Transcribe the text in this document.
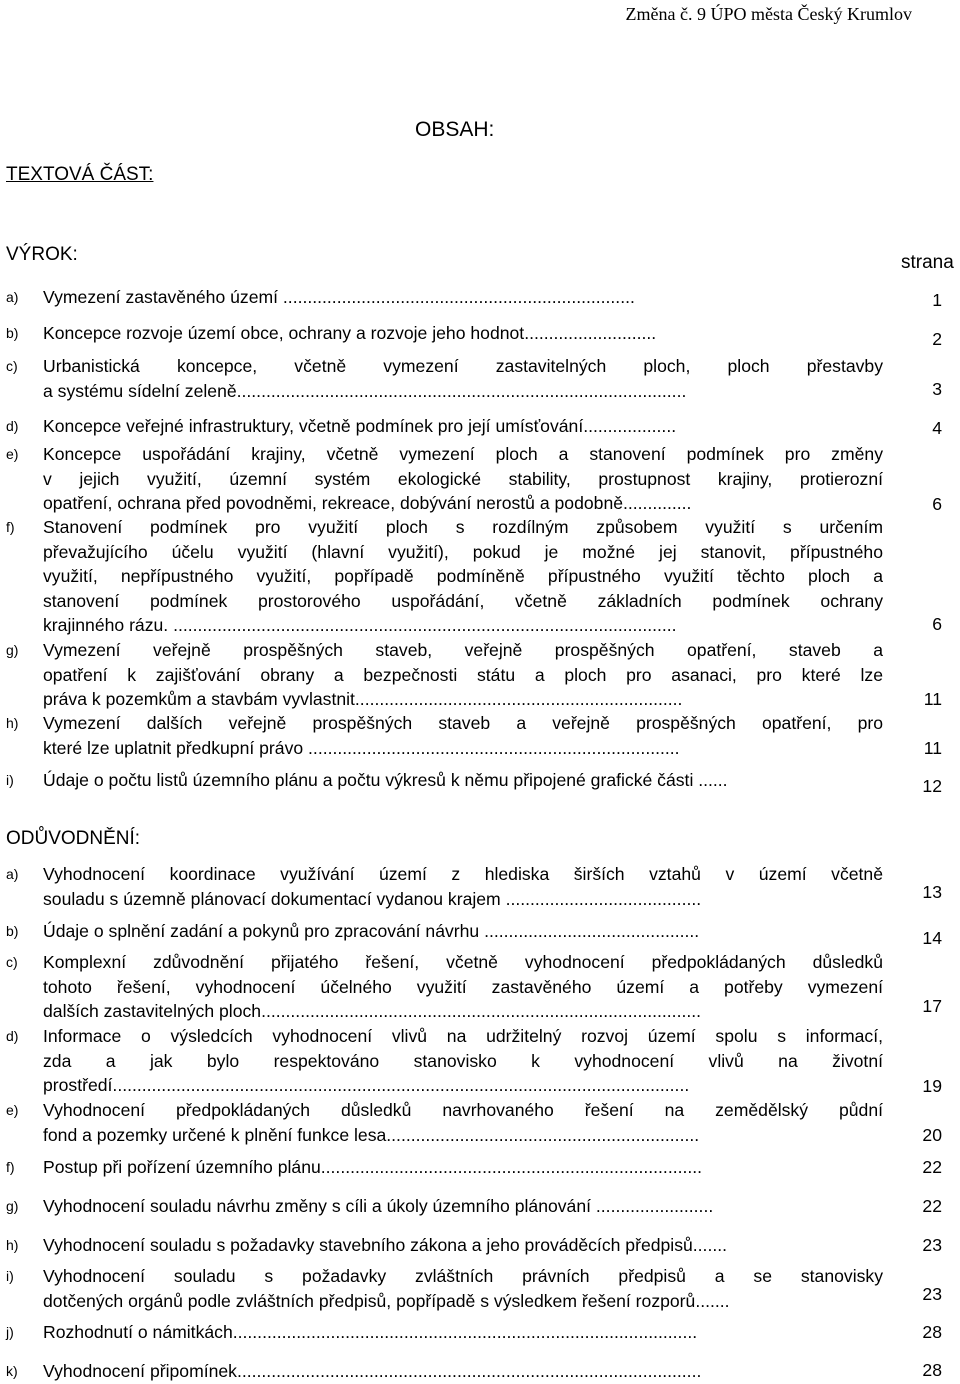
Změna č. 9 ÚPO města Český Krumlov
OBSAH:
TEXTOVÁ ČÁST:
VÝROK:	strana
ODŮVODNĚNÍ:
a) Vymezení zastavěného území ........................................................................	1
b) Koncepce rozvoje území obce, ochrany a rozvoje jeho hodnot...........................	2
c) Urbanistická koncepce, včetně vymezení zastavitelných ploch, ploch přestavby
a systému sídelní zeleně............................................................................................	3
d) Koncepce veřejné infrastruktury, včetně podmínek pro její umísťování...................	4
e) Koncepce uspořádání krajiny, včetně vymezení ploch a stanovení podmínek pro změny
v jejich využití, územní systém ekologické stability, prostupnost krajiny, protierozní
opatření, ochrana před povodněmi, rekreace, dobývání nerostů a podobně..............	6
f) Stanovení podmínek pro využití ploch s rozdílným způsobem využití s určením
převažujícího účelu využití (hlavní využití), pokud je možné jej stanovit, přípustného
využití, nepřípustného využití, popřípadě podmíněně přípustného využití těchto ploch a
stanovení podmínek prostorového uspořádání, včetně základních podmínek ochrany
krajinného rázu. .......................................................................................................	6
g) Vymezení veřejně prospěšných staveb, veřejně prospěšných opatření, staveb a
opatření k zajišťování obrany a bezpečnosti státu a ploch pro asanaci, pro které lze
práva k pozemkům a stavbám vyvlastnit...................................................................	11
h) Vymezení dalších veřejně prospěšných staveb a veřejně prospěšných opatření, pro
které lze uplatnit předkupní právo ............................................................................	11
i) Údaje o počtu listů územního plánu a počtu výkresů k němu připojené grafické části ......	12
a) Vyhodnocení koordinace využívání území z hlediska širších vztahů v území včetně
souladu s územně plánovací dokumentací vydanou krajem ........................................	13
b) Údaje o splnění zadání a pokynů pro zpracování návrhu ............................................	14
c) Komplexní zdůvodnění přijatého řešení, včetně vyhodnocení předpokládaných důsledků
tohoto řešení, vyhodnocení účelného využití zastavěného území a potřeby vymezení
dalších zastavitelných ploch..........................................................................................	17
d) Informace o výsledcích vyhodnocení vlivů na udržitelný rozvoj území spolu s informací,
zda a jak bylo respektováno stanovisko k vyhodnocení vlivů na životní
prostředí......................................................................................................................	19
e) Vyhodnocení předpokládaných důsledků navrhovaného řešení na zemědělský půdní
fond a pozemky určené k plnění funkce lesa................................................................	20
f) Postup při pořízení územního plánu..............................................................................	22
g) Vyhodnocení souladu návrhu změny s cíli a úkoly územního plánování ........................	22
h) Vyhodnocení souladu s požadavky stavebního zákona a jeho prováděcích předpisů.......	23
i) Vyhodnocení souladu s požadavky zvláštních právních předpisů a se stanovisky
dotčených orgánů podle zvláštních předpisů, popřípadě s výsledkem řešení rozporů.......	23
j) Rozhodnutí o námitkách...............................................................................................	28
k) Vyhodnocení připomínek...............................................................................................	28
